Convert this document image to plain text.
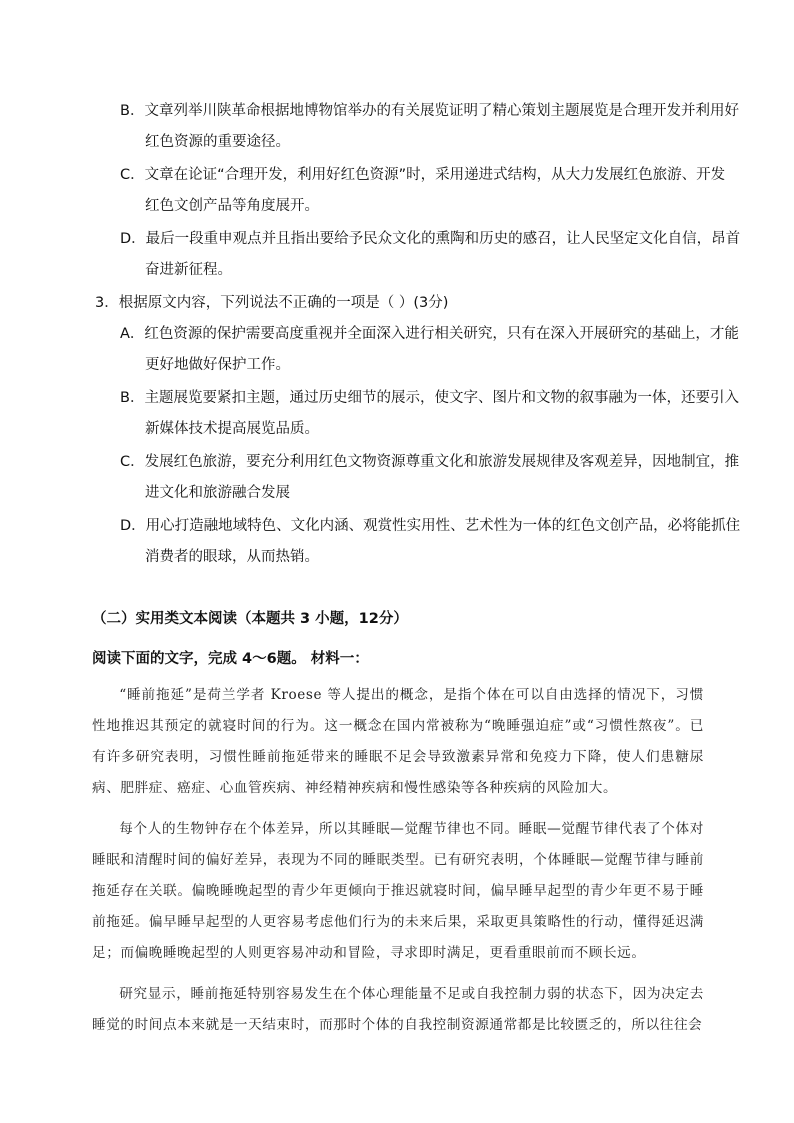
B．文章列举川陕革命根据地博物馆举办的有关展览证明了精心策划主题展览是合理开发并利用好
红色资源的重要途径。
C．文章在论证“合理开发，利用好红色资源”时，采用递进式结构，从大力发展红色旅游、开发
红色文创产品等角度展开。
D．最后一段重申观点并且指出要给予民众文化的熏陶和历史的感召，让人民坚定文化自信，昂首
奋进新征程。
3．根据原文内容，下列说法不正确的一项是（ ）(3分)
A．红色资源的保护需要高度重视并全面深入进行相关研究，只有在深入开展研究的基础上，才能
更好地做好保护工作。
B．主题展览要紧扣主题，通过历史细节的展示，使文字、图片和文物的叙事融为一体，还要引入
新媒体技术提高展览品质。
C．发展红色旅游，要充分利用红色文物资源尊重文化和旅游发展规律及客观差异，因地制宜，推
进文化和旅游融合发展
D．用心打造融地域特色、文化内涵、观赏性实用性、艺术性为一体的红色文创产品，必将能抓住
消费者的眼球，从而热销。
（二）实用类文本阅读（本题共 3 小题，12分）
阅读下面的文字，完成 4～6题。 材料一：

“睡前拖延”是荷兰学者 Kroese 等人提出的概念，是指个体在可以自由选择的情况下，习惯性地推迟其预定的就寝时间的行为。这一概念在国内常被称为“晚睡强迫症”或“习惯性熬夜”。已有许多研究表明，习惯性睡前拖延带来的睡眠不足会导致激素异常和免疫力下降，使人们患糖尿病、肥胖症、癌症、心血管疾病、神经精神疾病和慢性感染等各种疾病的风险加大。

每个人的生物钟存在个体差异，所以其睡眠—觉醒节律也不同。睡眠—觉醒节律代表了个体对睡眠和清醒时间的偏好差异，表现为不同的睡眠类型。已有研究表明，个体睡眠—觉醒节律与睡前拖延存在关联。偏晚睡晚起型的青少年更倾向于推迟就寝时间，偏早睡早起型的青少年更不易于睡前拖延。偏早睡早起型的人更容易考虑他们行为的未来后果，采取更具策略性的行动，懂得延迟满足；而偏晚睡晚起型的人则更容易冲动和冒险，寻求即时满足，更看重眼前而不顾长远。

研究显示，睡前拖延特别容易发生在个体心理能量不足或自我控制力弱的状态下，因为决定去睡觉的时间点本来就是一天结束时，而那时个体的自我控制资源通常都是比较匮乏的，所以往往会
